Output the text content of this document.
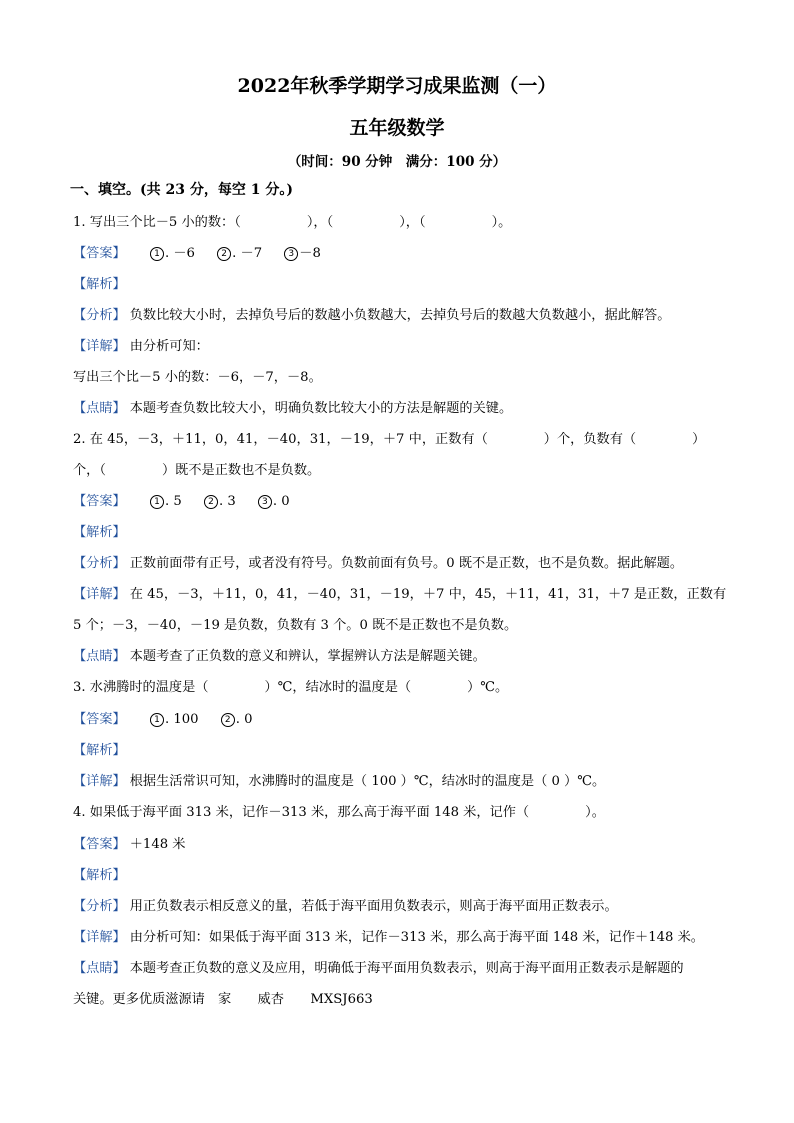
2022年秋季学期学习成果监测（一）
五年级数学
（时间：90 分钟　满分：100 分）
一、填空。(共 23 分，每空 1 分。)
1. 写出三个比－5 小的数：（	），（	），（	）。
【答案】	1 . －6	2 . －7	3 －8
【解析】
【分析】 负数比较大小时，去掉负号后的数越小负数越大，去掉负号后的数越大负数越小，据此解答。
【详解】 由分析可知：
写出三个比－5 小的数：－6，－7，－8。
【点睛】 本题考查负数比较大小，明确负数比较大小的方法是解题的关键。
2. 在 45，－3，＋11，0，41，－40，31，－19，＋7 中，正数有（	）个，负数有（	）
个，（	）既不是正数也不是负数。
【答案】	1 . 5	2 . 3	3 . 0
【解析】
【分析】 正数前面带有正号，或者没有符号。负数前面有负号。0 既不是正数，也不是负数。据此解题。
【详解】 在 45，－3，＋11，0，41，－40，31，－19，＋7 中，45，＋11，41，31，＋7 是正数，正数有
5 个；－3，－40，－19 是负数，负数有 3 个。0 既不是正数也不是负数。
【点睛】 本题考查了正负数的意义和辨认，掌握辨认方法是解题关键。
3. 水沸腾时的温度是（	）℃，结冰时的温度是（	）℃。
【答案】	1 . 100	2 . 0
【解析】
【详解】 根据生活常识可知，水沸腾时的温度是（ 100 ）℃，结冰时的温度是（ 0 ）℃。
4. 如果低于海平面 313 米，记作－313 米，那么高于海平面 148 米，记作（	）。
【答案】 ＋148 米
【解析】
【分析】 用正负数表示相反意义的量，若低于海平面用负数表示，则高于海平面用正数表示。
【详解】 由分析可知：如果低于海平面 313 米，记作－313 米，那么高于海平面 148 米，记作＋148 米。
【点睛】 本题考查正负数的意义及应用，明确低于海平面用负数表示，则高于海平面用正数表示是解题的
关键。更多优质滋源请　家　　威杏　　MXSJ663
